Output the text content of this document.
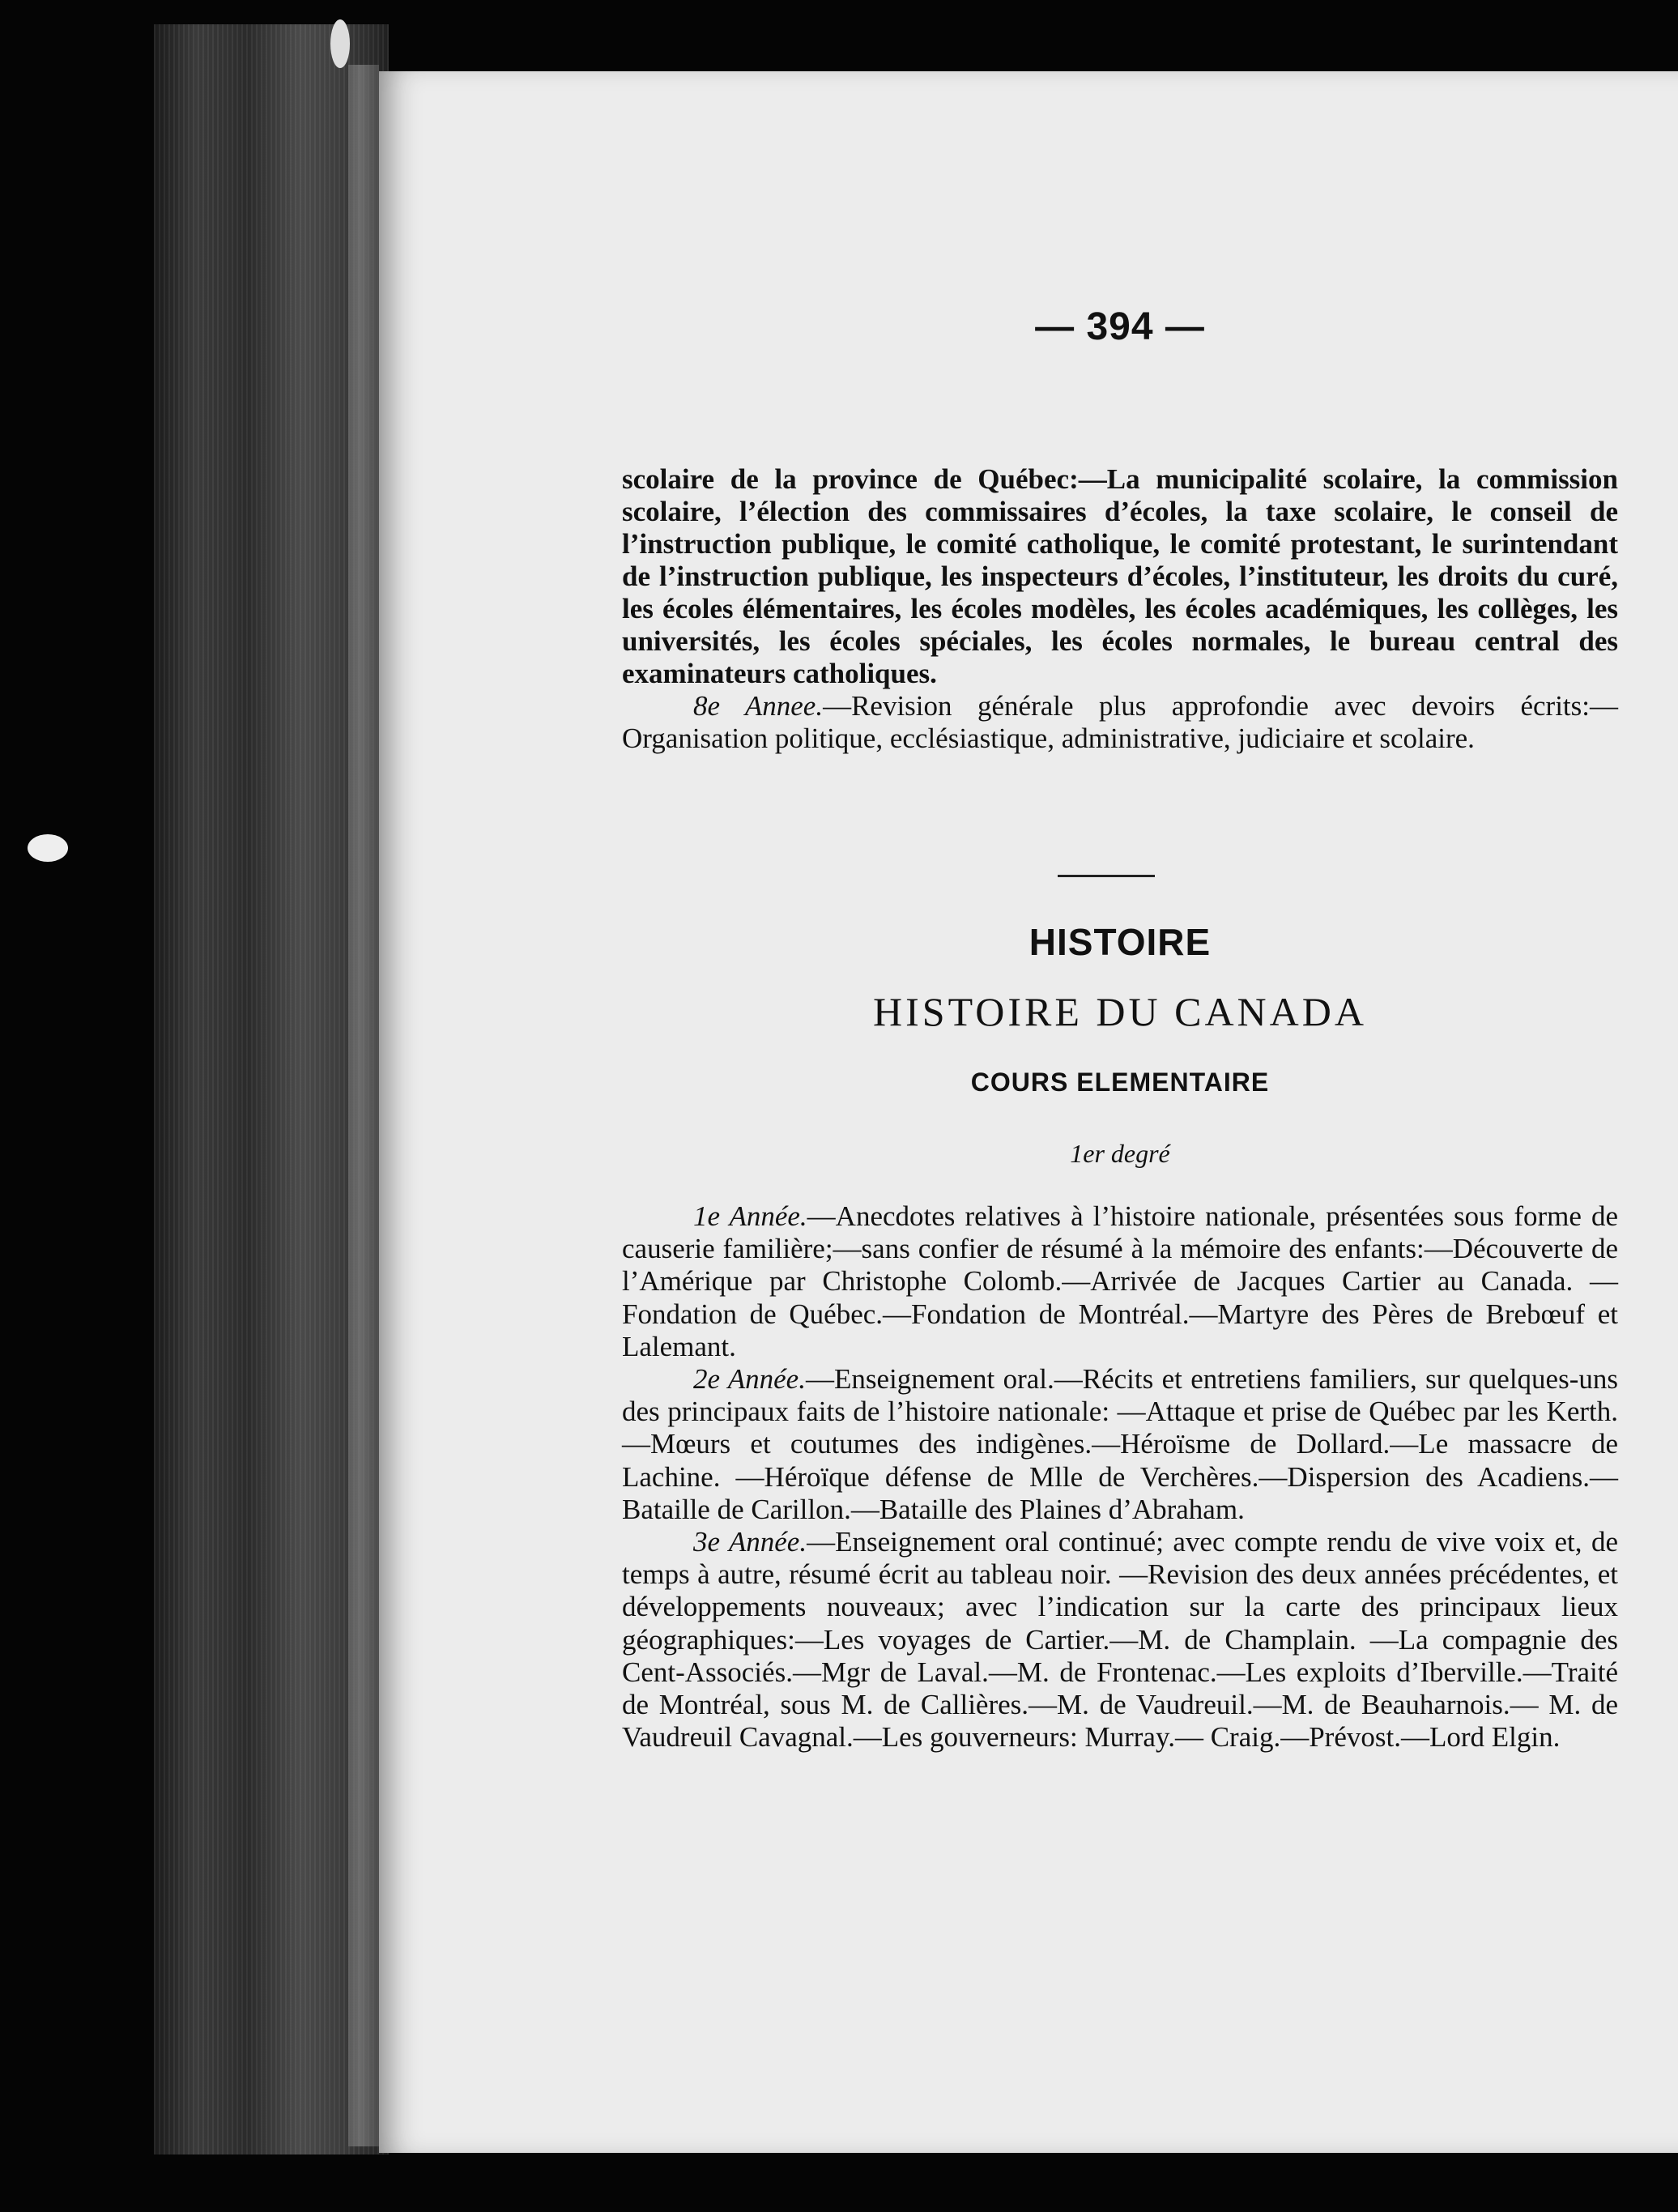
— 394 —

scolaire de la province de Québec:—La municipalité scolaire, la commission scolaire, l’élection des commissaires d’écoles, la taxe scolaire, le conseil de l’instruction publique, le comité catholique, le comité protestant, le surintendant de l’instruction publique, les inspecteurs d’écoles, l’instituteur, les droits du curé, les écoles élémentaires, les écoles modèles, les écoles académiques, les collèges, les universités, les écoles spéciales, les écoles normales, le bureau central des examinateurs catholiques.

8e Annee.—Revision générale plus approfondie avec devoirs écrits:—Organisation politique, ecclésiastique, administrative, judiciaire et scolaire.

HISTOIRE
HISTOIRE DU CANADA
COURS ELEMENTAIRE
1er degré

1e Année.—Anecdotes relatives à l’histoire nationale, présentées sous forme de causerie familière;—sans confier de résumé à la mémoire des enfants:—Découverte de l’Amérique par Christophe Colomb.—Arrivée de Jacques Cartier au Canada. —Fondation de Québec.—Fondation de Montréal.—Martyre des Pères de Brebœuf et Lalemant.

2e Année.—Enseignement oral.—Récits et entretiens familiers, sur quelques-uns des principaux faits de l’histoire nationale: —Attaque et prise de Québec par les Kerth.—Mœurs et coutumes des indigènes.—Héroïsme de Dollard.—Le massacre de Lachine. —Héroïque défense de Mlle de Verchères.—Dispersion des Acadiens.—Bataille de Carillon.—Bataille des Plaines d’Abraham.

3e Année.—Enseignement oral continué; avec compte rendu de vive voix et, de temps à autre, résumé écrit au tableau noir. —Revision des deux années précédentes, et développements nouveaux; avec l’indication sur la carte des principaux lieux géographiques:—Les voyages de Cartier.—M. de Champlain. —La compagnie des Cent-Associés.—Mgr de Laval.—M. de Frontenac.—Les exploits d’Iberville.—Traité de Montréal, sous M. de Callières.—M. de Vaudreuil.—M. de Beauharnois.— M. de Vaudreuil Cavagnal.—Les gouverneurs: Murray.— Craig.—Prévost.—Lord Elgin.
